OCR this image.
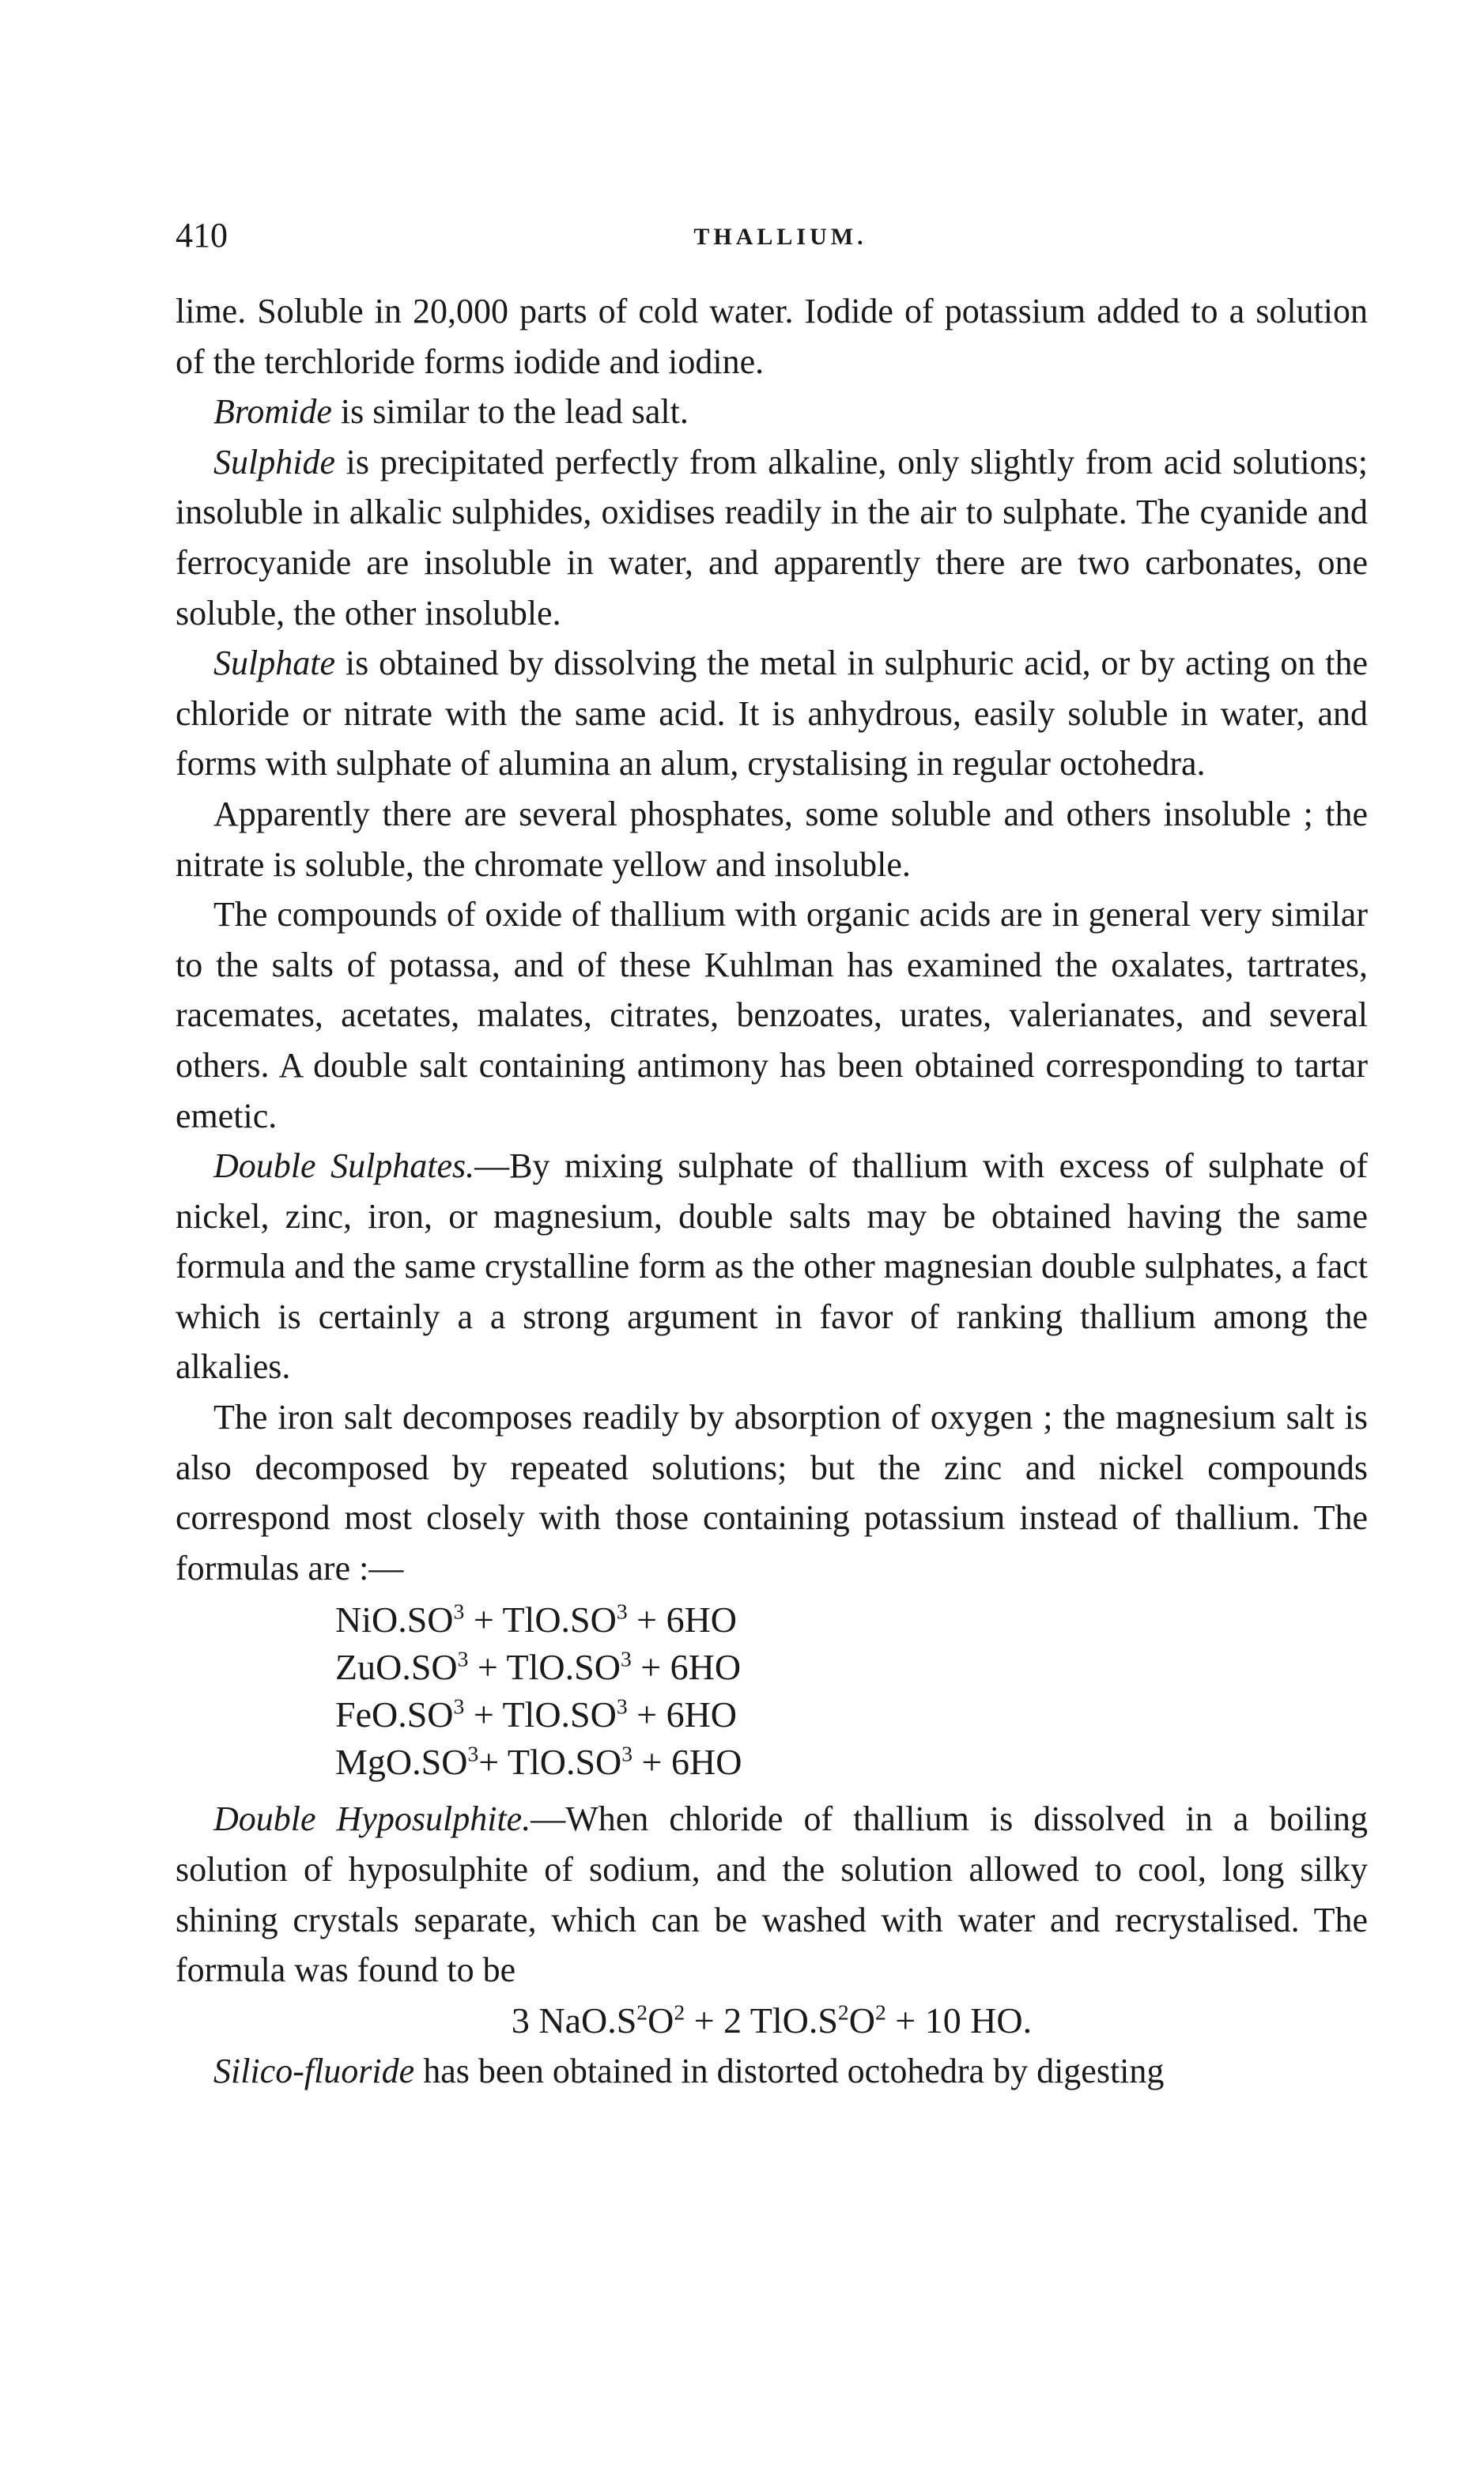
410	THALLIUM.

lime. Soluble in 20,000 parts of cold water. Iodide of potassium added to a solution of the terchloride forms iodide and iodine.

Bromide is similar to the lead salt.

Sulphide is precipitated perfectly from alkaline, only slightly from acid solutions; insoluble in alkalic sulphides, oxidises readily in the air to sulphate. The cyanide and ferrocyanide are insoluble in water, and apparently there are two carbonates, one soluble, the other insoluble.

Sulphate is obtained by dissolving the metal in sulphuric acid, or by acting on the chloride or nitrate with the same acid. It is anhydrous, easily soluble in water, and forms with sulphate of alumina an alum, crystalising in regular octohedra.

Apparently there are several phosphates, some soluble and others insoluble ; the nitrate is soluble, the chromate yellow and insoluble.

The compounds of oxide of thallium with organic acids are in general very similar to the salts of potassa, and of these Kuhlman has examined the oxalates, tartrates, racemates, acetates, malates, citrates, benzoates, urates, valerianates, and several others. A double salt containing antimony has been obtained corresponding to tartar emetic.

Double Sulphates.—By mixing sulphate of thallium with excess of sulphate of nickel, zinc, iron, or magnesium, double salts may be obtained having the same formula and the same crystalline form as the other magnesian double sulphates, a fact which is certainly a a strong argument in favor of ranking thallium among the alkalies.

The iron salt decomposes readily by absorption of oxygen ; the magnesium salt is also decomposed by repeated solutions; but the zinc and nickel compounds correspond most closely with those containing potassium instead of thallium. The formulas are :—

$NiO.SO^3 + TlO.SO^3 + 6HO$
$ZuO.SO^3 + TlO.SO^3 + 6HO$
$FeO.SO^3 + TlO.SO^3 + 6HO$
$MgO.SO^3+ TlO.SO^3 + 6HO$

Double Hyposulphite.—When chloride of thallium is dissolved in a boiling solution of hyposulphite of sodium, and the solution allowed to cool, long silky shining crystals separate, which can be washed with water and recrystalised. The formula was found to be

3 $NaO.S^2O^2 + 2$ $TlO.S^2O^2 + 10$ HO.

Silico-fluoride has been obtained in distorted octohedra by digesting
